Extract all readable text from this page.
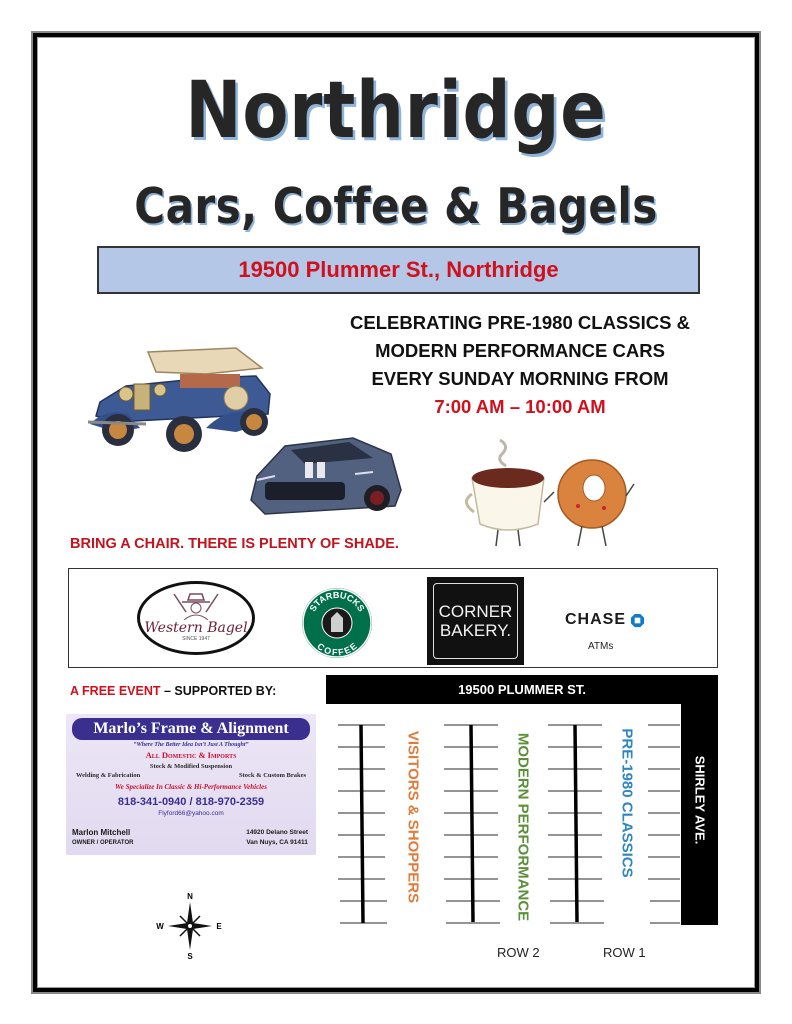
Northridge
Cars, Coffee & Bagels
19500 Plummer St., Northridge
CELEBRATING PRE-1980 CLASSICS &
MODERN PERFORMANCE CARS
EVERY SUNDAY MORNING FROM
7:00 AM – 10:00 AM
BRING A CHAIR. THERE IS PLENTY OF SHADE.
Western Bagel
SINCE 1947
STARBUCKS
COFFEE
CORNER
BAKERY.
CHASE
ATMs
A FREE EVENT – SUPPORTED BY:
Marlo’s Frame & Alignment
“Where The Better Idea Isn’t Just A Thought”
All Domestic & Imports
Stock & Modified Suspension
Welding & Fabrication	Stock & Custom Brakes
We Specialize In Classic & Hi-Performance Vehicles
818-341-0940 / 818-970-2359
Flyford66@yahoo.com
Marlon Mitchell
OWNER / OPERATOR
14920 Delano Street
Van Nuys, CA 91411
N
S
E
W
19500 PLUMMER ST.
SHIRLEY AVE.
VISITORS & SHOPPERS	MODERN PERFORMANCE	PRE-1980 CLASSICS
ROW 2	ROW 1
